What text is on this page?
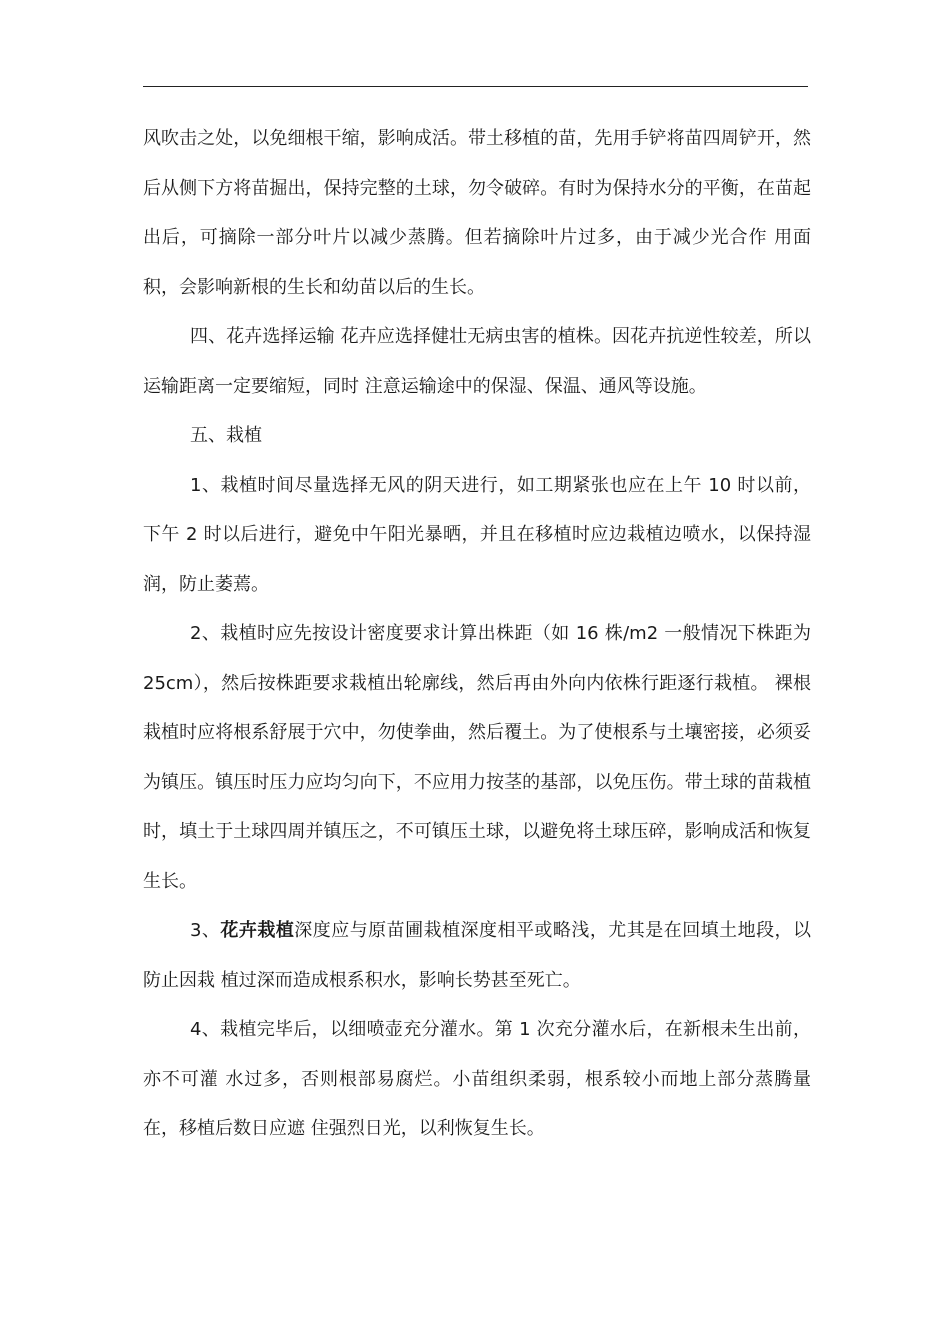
风吹击之处，以免细根干缩，影响成活。带土移植的苗，先用手铲将苗四周铲开，然后从侧下方将苗掘出，保持完整的土球，勿令破碎。有时为保持水分的平衡，在苗起出后，可摘除一部分叶片以减少蒸腾。但若摘除叶片过多，由于减少光合作 用面积，会影响新根的生长和幼苗以后的生长。

四、花卉选择运输 花卉应选择健壮无病虫害的植株。因花卉抗逆性较差，所以运输距离一定要缩短，同时 注意运输途中的保湿、保温、通风等设施。

五、栽植

1、栽植时间尽量选择无风的阴天进行，如工期紧张也应在上午 10 时以前，下午 2 时以后进行，避免中午阳光暴晒，并且在移植时应边栽植边喷水，以保持湿润，防止萎蔫。

2、栽植时应先按设计密度要求计算出株距（如 16 株/m2 一般情况下株距为 25cm），然后按株距要求栽植出轮廓线，然后再由外向内依株行距逐行栽植。 裸根栽植时应将根系舒展于穴中，勿使拳曲，然后覆土。为了使根系与土壤密接，必须妥为镇压。镇压时压力应均匀向下，不应用力按茎的基部，以免压伤。带土球的苗栽植时，填土于土球四周并镇压之，不可镇压土球，以避免将土球压碎，影响成活和恢复生长。

3、花卉栽植深度应与原苗圃栽植深度相平或略浅，尤其是在回填土地段，以防止因栽 植过深而造成根系积水，影响长势甚至死亡。

4、栽植完毕后，以细喷壶充分灌水。第 1 次充分灌水后，在新根未生出前，亦不可灌 水过多，否则根部易腐烂。小苗组织柔弱，根系较小而地上部分蒸腾量在，移植后数日应遮 住强烈日光，以利恢复生长。
